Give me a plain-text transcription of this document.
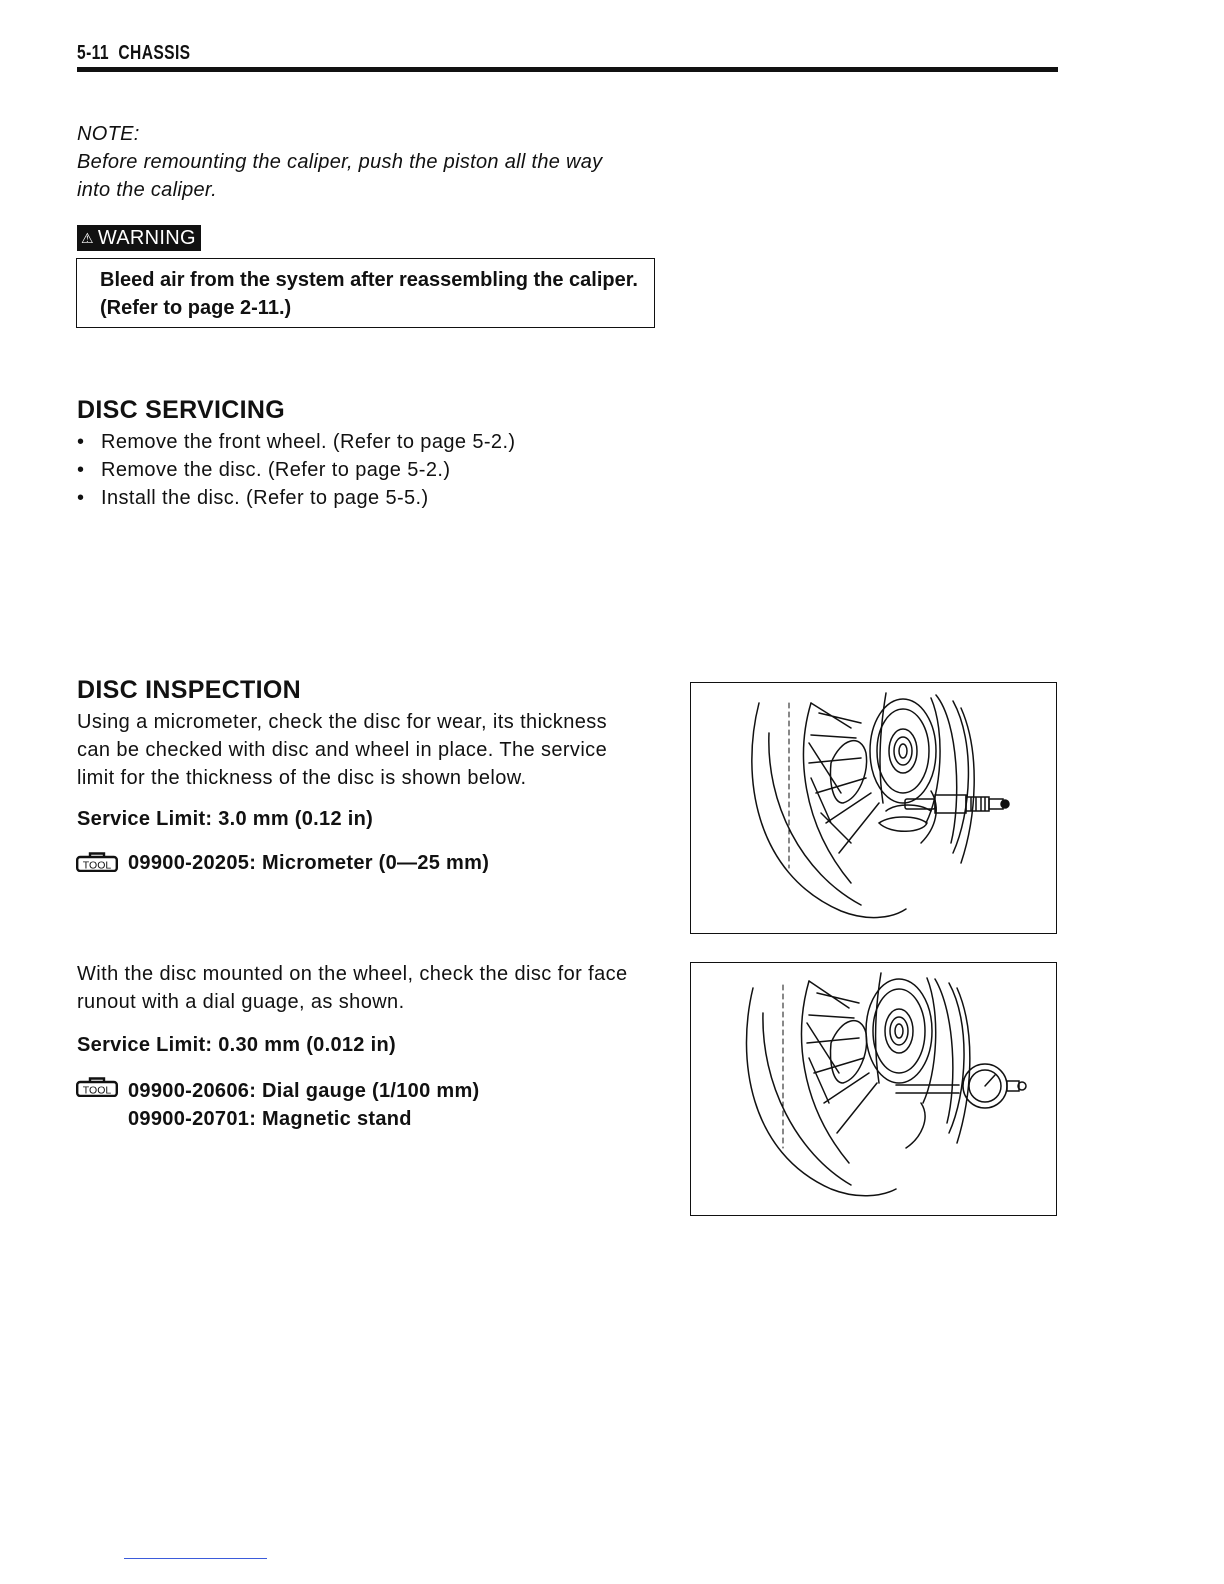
5-11 CHASSIS
NOTE:
Before remounting the caliper, push the piston all the way
into the caliper.
⚠ WARNING
Bleed air from the system after reassembling the caliper.
(Refer to page 2-11.)
DISC SERVICING
• Remove the front wheel. (Refer to page 5-2.)
• Remove the disc. (Refer to page 5-2.)
• Install the disc. (Refer to page 5-5.)
DISC INSPECTION
Using a micrometer, check the disc for wear, its thickness
can be checked with disc and wheel in place. The service
limit for the thickness of the disc is shown below.
Service Limit: 3.0 mm (0.12 in)
TOOL 09900-20205: Micrometer (0—25 mm)
With the disc mounted on the wheel, check the disc for face
runout with a dial guage, as shown.
Service Limit: 0.30 mm (0.012 in)
TOOL 09900-20606: Dial gauge (1/100 mm)
09900-20701: Magnetic stand
